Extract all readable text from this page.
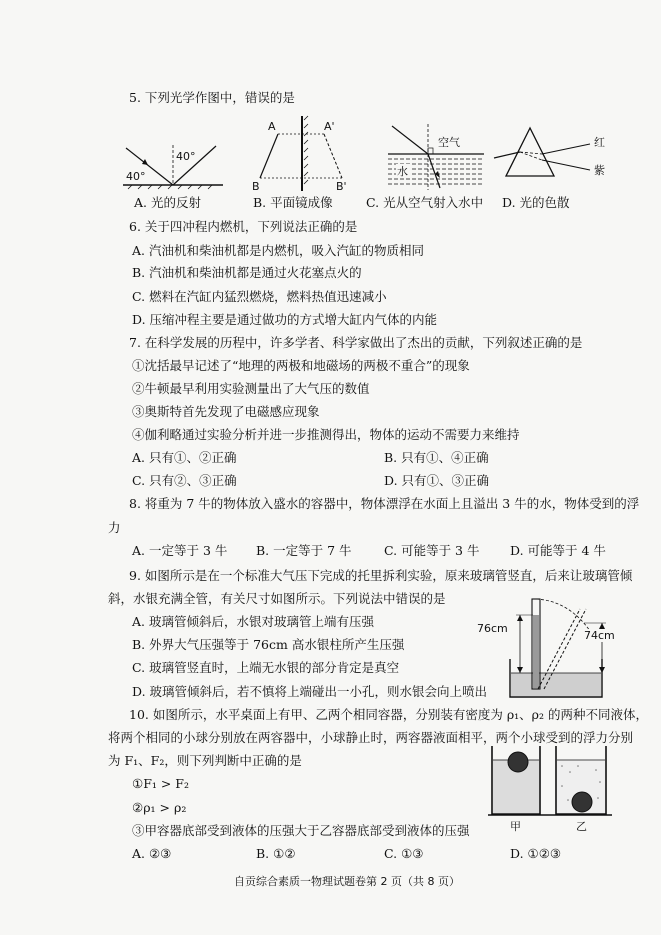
5. 下列光学作图中，错误的是
40°
40°
A. 光的反射
A	A'
B	B'
B. 平面镜成像
空气
水
C. 光从空气射入水中
红
紫
D. 光的色散
6. 关于四冲程内燃机，下列说法正确的是
A. 汽油机和柴油机都是内燃机，吸入汽缸的物质相同
B. 汽油机和柴油机都是通过火花塞点火的
C. 燃料在汽缸内猛烈燃烧，燃料热值迅速减小
D. 压缩冲程主要是通过做功的方式增大缸内气体的内能
7. 在科学发展的历程中，许多学者、科学家做出了杰出的贡献，下列叙述正确的是
①沈括最早记述了“地理的两极和地磁场的两极不重合”的现象
②牛顿最早利用实验测量出了大气压的数值
③奥斯特首先发现了电磁感应现象
④伽利略通过实验分析并进一步推测得出，物体的运动不需要力来维持
A. 只有①、②正确	B. 只有①、④正确
C. 只有②、③正确	D. 只有①、③正确
8. 将重为 7 牛的物体放入盛水的容器中，物体漂浮在水面上且溢出 3 牛的水，物体受到的浮
力
A. 一定等于 3 牛 B. 一定等于 7 牛	C. 可能等于 3 牛 D. 可能等于 4 牛
9. 如图所示是在一个标准大气压下完成的托里拆利实验，原来玻璃管竖直，后来让玻璃管倾
斜，水银充满全管，有关尺寸如图所示。下列说法中错误的是
A. 玻璃管倾斜后，水银对玻璃管上端有压强
B. 外界大气压强等于 76cm 高水银柱所产生压强
C. 玻璃管竖直时，上端无水银的部分肯定是真空
D. 玻璃管倾斜后，若不慎将上端碰出一小孔，则水银会向上喷出
76cm
74cm
10. 如图所示，水平桌面上有甲、乙两个相同容器，分别装有密度为 ρ₁、ρ₂ 的两种不同液体，
将两个相同的小球分别放在两容器中，小球静止时，两容器液面相平，两个小球受到的浮力分别
为 F₁、F₂，则下列判断中正确的是
①F₁ > F₂
②ρ₁ > ρ₂
③甲容器底部受到液体的压强大于乙容器底部受到液体的压强
A. ②③	B. ①②	C. ①③	D. ①②③
甲	乙
自贡综合素质一物理试题卷第 2 页（共 8 页）
